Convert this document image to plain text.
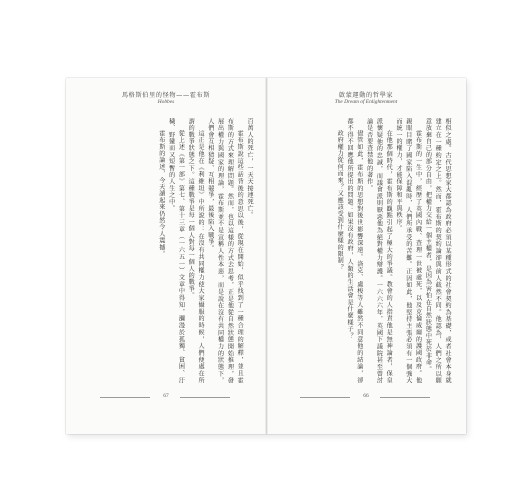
馬格斯伯里的怪物——霍布斯
Hobbes

百萬人的死亡，一天天接連死亡。

霍布斯說這些話背後的意思以後，從現在開始，似乎找到了一種合理的解釋，並且霍布斯的方式來理解問題。然而，也以這樣的方式去思考，正是他從自然狀態開始推理，發展出權力與國家的理論，霍布斯並不是宣稱人性本惡，而是說在沒有共同權力的狀態下，人們會互相猜疑、互相競爭，最後陷入戰爭。

這正是他在《利維坦》中所說的：在沒有共同權力使大家懾服的時候，人們便處在所謂的戰爭狀態之下。這種戰爭是每一個人對每一個人的戰爭。

從上述《第一部》第七、第十三章（一六五一）文章中得知，瀰漫於孤獨、貧困、汙穢、野蠻而又短暫的人生之中。

霍布斯的論述，今天讀起來仍然令人震撼。

67
啟蒙運動的哲學家
The Dream of Enlightenment

相似之處。古代思想家大都認為政府必須以某種形式的社會契約為基礎，或者社會本身就建立在一種約定之上。然而，霍布斯的契約論卻與前人截然不同。他認為，人們之所以願意放棄自己的部分自由，把權力交給一個主權者，是因為害怕在自然狀態中死於非命。

霍布斯的一生中，經歷了英國內戰、查理一世被處死，以及克倫威爾的護國政府。他親眼目睹了國家陷入混亂時，人們所承受的苦難。正因如此，他堅持主張必須有一個強大而統一的權力，才能保障和平與秩序。

在他那個時代，霍布斯的觀點引起了極大的爭議。教會的人指責他是無神論者，保皇派懷疑他的忠誠，而議會派則厭惡他為絕對權力辯護。一六六六年，英國下議院甚至曾討論是否要查禁他的著作。

儘管如此，霍布斯的思想對後世影響深遠。洛克、盧梭等人雖然不同意他的結論，卻都不得不回應他所提出的問題：如果沒有政府，人類的生活會是什麼樣子？

政府權力從何而來？又應該受到什麼樣的限制？

66
